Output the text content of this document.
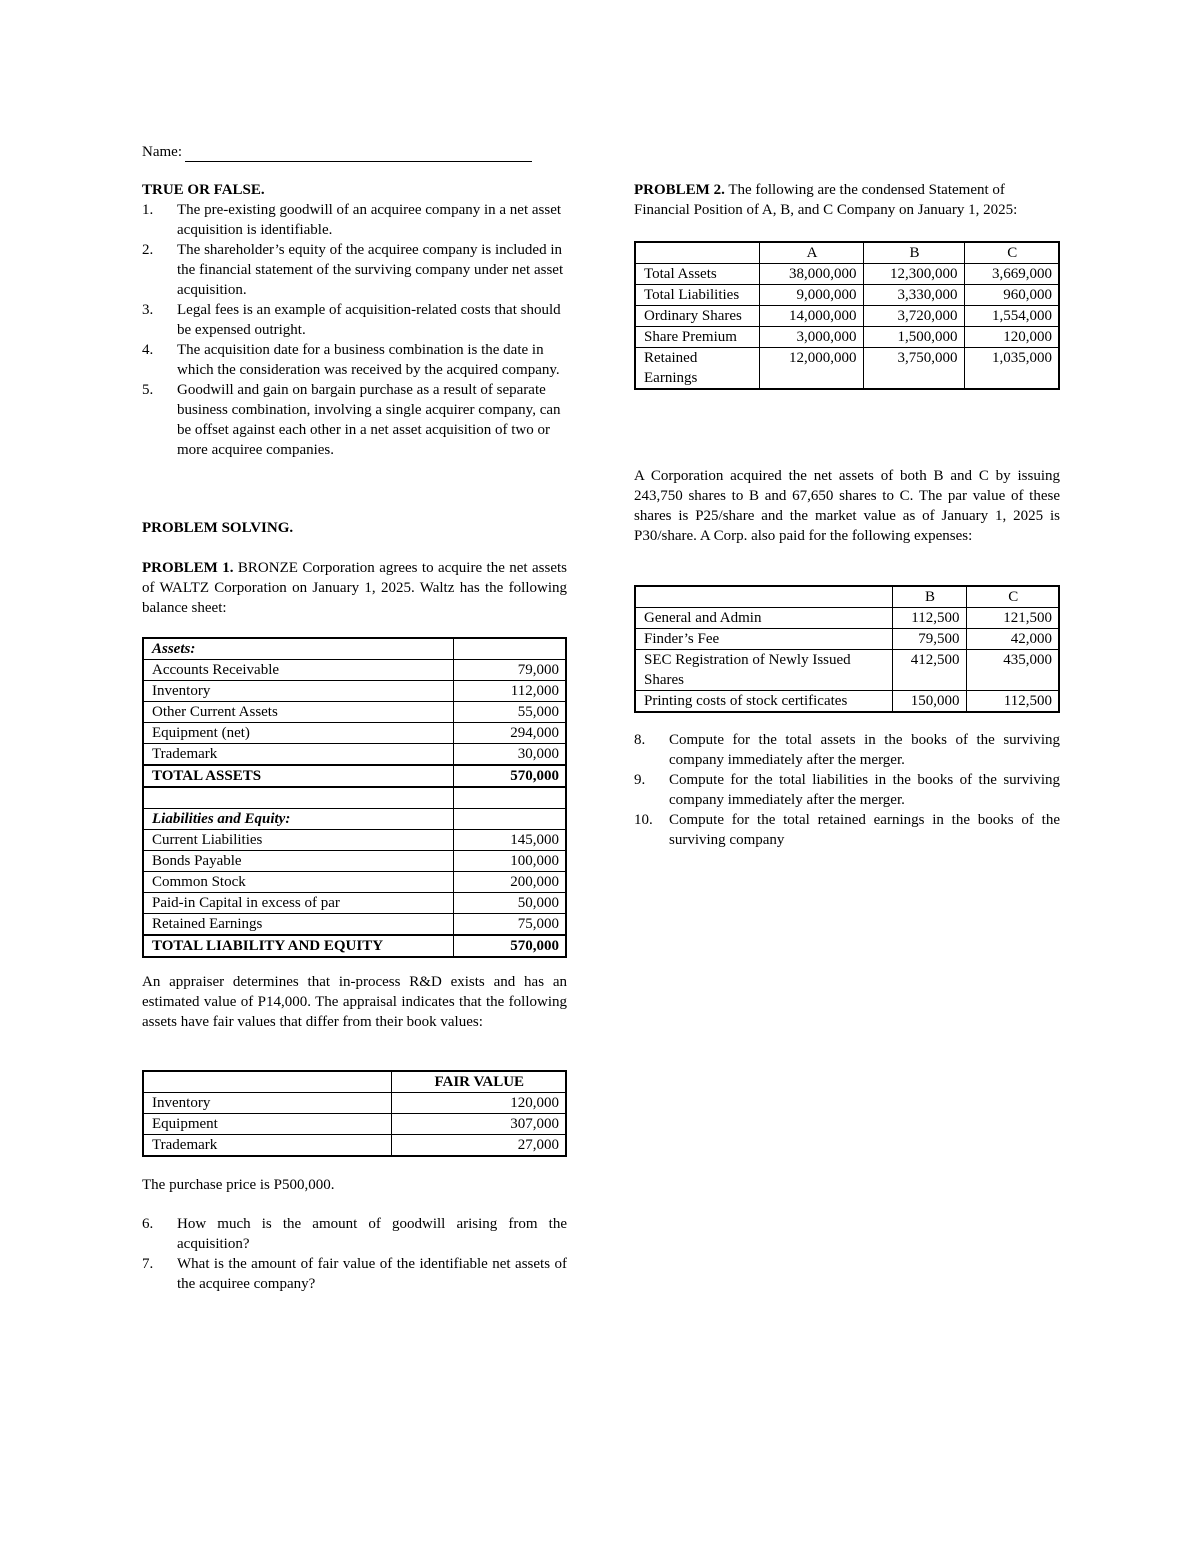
Name:

TRUE OR FALSE.

1.	The pre-existing goodwill of an acquiree company in a net asset acquisition is identifiable.
2.	The shareholder’s equity of the acquiree company is included in the financial statement of the surviving company under net asset acquisition.
3.	Legal fees is an example of acquisition-related costs that should be expensed outright.
4.	The acquisition date for a business combination is the date in which the consideration was received by the acquired company.
5.	Goodwill and gain on bargain purchase as a result of separate business combination, involving a single acquirer company, can be offset against each other in a net asset acquisition of two or more acquiree companies.

PROBLEM SOLVING.

PROBLEM 1. BRONZE Corporation agrees to acquire the net assets of WALTZ Corporation on January 1, 2025. Waltz has the following balance sheet:

Assets:	
Accounts Receivable	79,000
Inventory	112,000
Other Current Assets	55,000
Equipment (net)	294,000
Trademark	30,000
TOTAL ASSETS	570,000

Liabilities and Equity:	
Current Liabilities	145,000
Bonds Payable	100,000
Common Stock	200,000
Paid-in Capital in excess of par	50,000
Retained Earnings	75,000
TOTAL LIABILITY AND EQUITY	570,000

An appraiser determines that in-process R&D exists and has an estimated value of P14,000. The appraisal indicates that the following assets have fair values that differ from their book values:

	FAIR VALUE
Inventory	120,000
Equipment	307,000
Trademark	27,000

The purchase price is P500,000.

6.	How much is the amount of goodwill arising from the acquisition?
7.	What is the amount of fair value of the identifiable net assets of the acquiree company?

PROBLEM 2. The following are the condensed Statement of Financial Position of A, B, and C Company on January 1, 2025:

	A	B	C
Total Assets	38,000,000	12,300,000	3,669,000
Total Liabilities	9,000,000	3,330,000	960,000
Ordinary Shares	14,000,000	3,720,000	1,554,000
Share Premium	3,000,000	1,500,000	120,000
Retained Earnings	12,000,000	3,750,000	1,035,000

A Corporation acquired the net assets of both B and C by issuing 243,750 shares to B and 67,650 shares to C. The par value of these shares is P25/share and the market value as of January 1, 2025 is P30/share. A Corp. also paid for the following expenses:

	B	C
General and Admin	112,500	121,500
Finder’s Fee	79,500	42,000
SEC Registration of Newly Issued Shares	412,500	435,000
Printing costs of stock certificates	150,000	112,500
8.	Compute for the total assets in the books of the surviving company immediately after the merger.
9.	Compute for the total liabilities in the books of the surviving company immediately after the merger.
10.	Compute for the total retained earnings in the books of the surviving company
